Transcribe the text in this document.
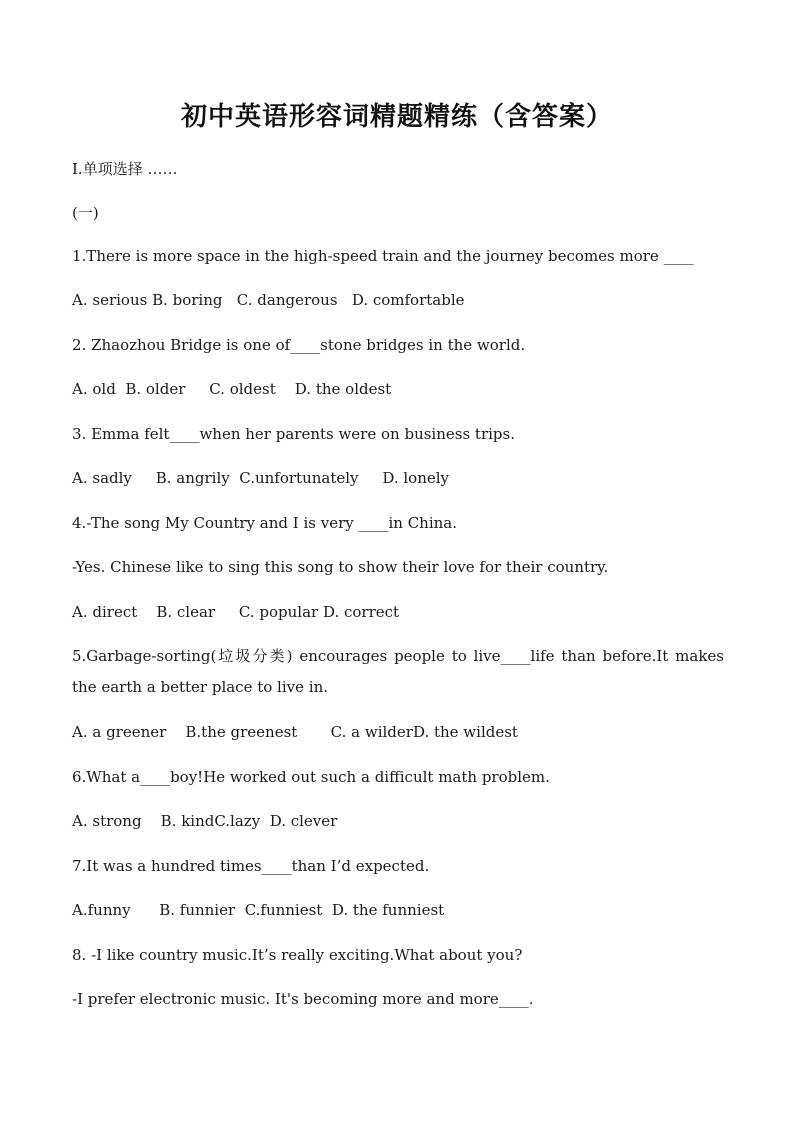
初中英语形容词精题精练（含答案）
I.单项选择 ……
(一)
1.There is more space in the high-speed train and the journey becomes more ____
A. serious B. boring   C. dangerous   D. comfortable
2. Zhaozhou Bridge is one of____stone bridges in the world.
A. old  B. older     C. oldest    D. the oldest
3. Emma felt____when her parents were on business trips.
A. sadly     B. angrily  C.unfortunately     D. lonely
4.-The song My Country and I is very ____in China.
-Yes. Chinese like to sing this song to show their love for their country.
A. direct    B. clear     C. popular D. correct
5.Garbage-sorting(垃圾分类) encourages people to live____life than before.It makes the earth a better place to live in.
A. a greener    B.the greenest       C. a wilderD. the wildest
6.What a____boy!He worked out such a difficult math problem.
A. strong    B. kindC.lazy  D. clever
7.It was a hundred times____than I’d expected.
A.funny      B. funnier  C.funniest  D. the funniest
8. -I like country music.It’s really exciting.What about you?
-I prefer electronic music. It's becoming more and more____.
